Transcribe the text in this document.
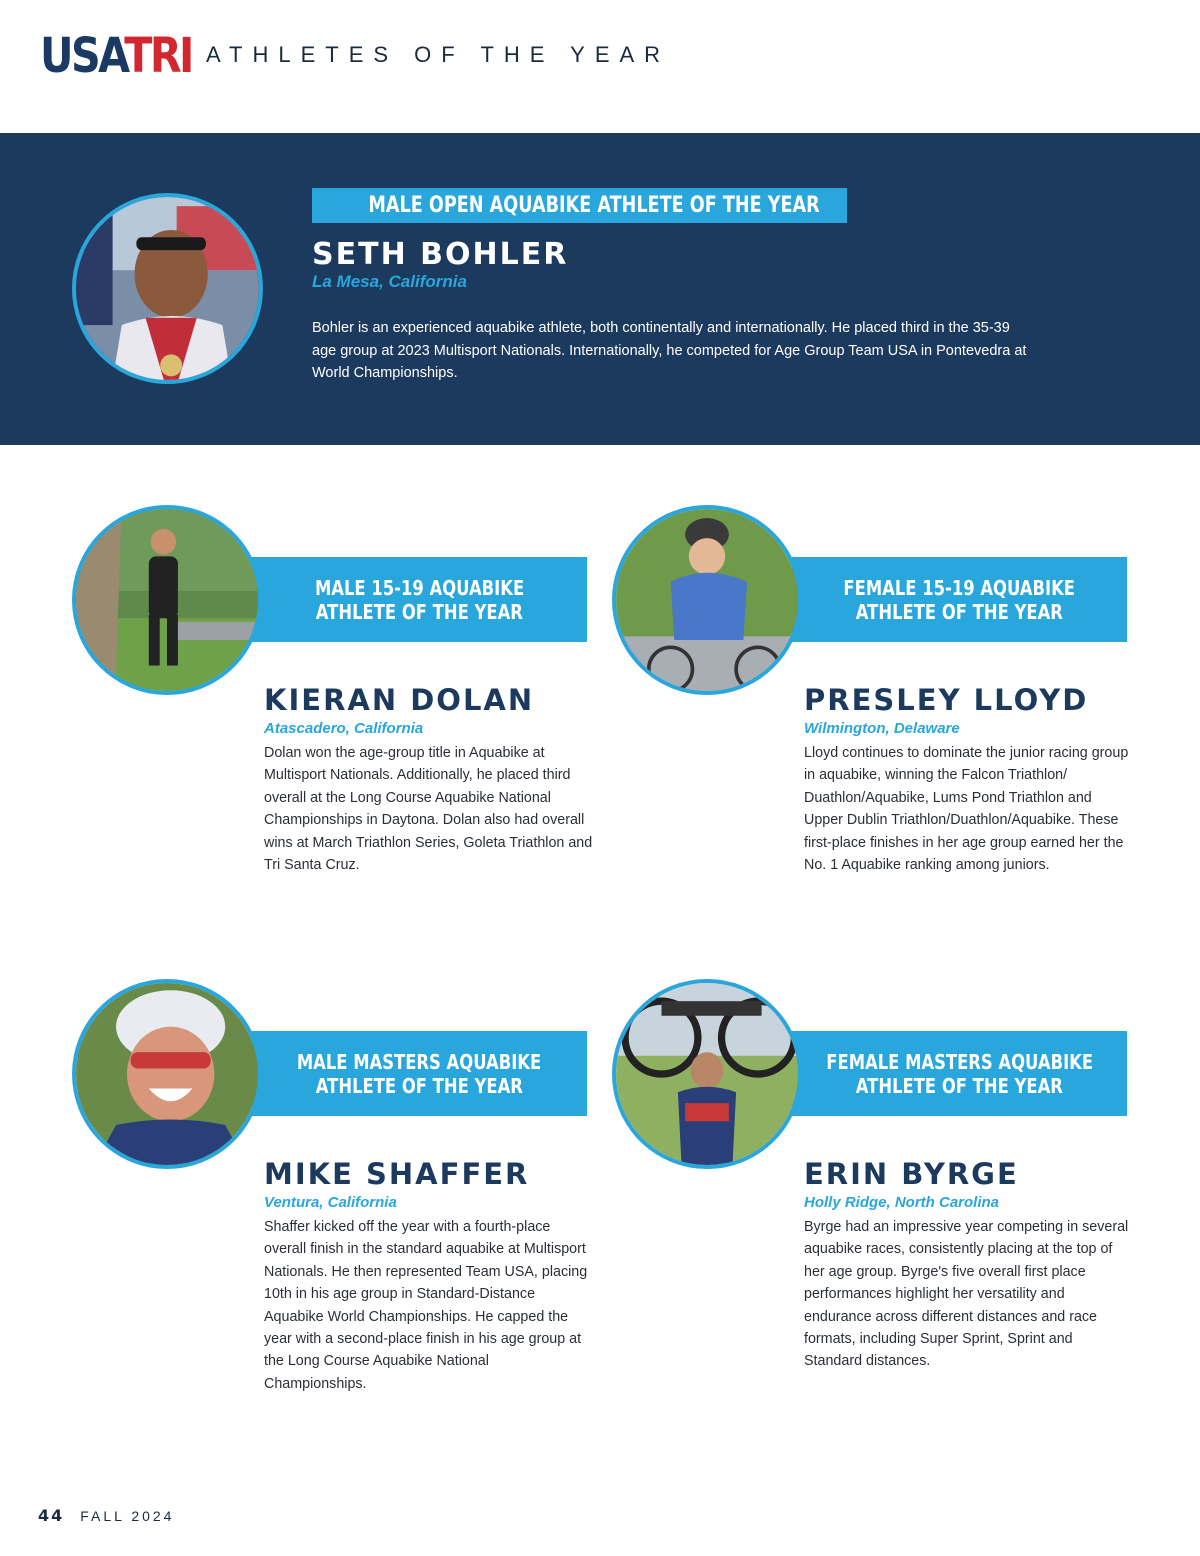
USATRI ATHLETES OF THE YEAR
MALE OPEN AQUABIKE ATHLETE OF THE YEAR
SETH BOHLER
La Mesa, California
Bohler is an experienced aquabike athlete, both continentally and internationally. He placed third in the 35-39 age group at 2023 Multisport Nationals. Internationally, he competed for Age Group Team USA in Pontevedra at World Championships.
MALE 15-19 AQUABIKE
ATHLETE OF THE YEAR
KIERAN DOLAN
Atascadero, California
Dolan won the age-group title in Aquabike at Multisport Nationals. Additionally, he placed third overall at the Long Course Aquabike National Championships in Daytona. Dolan also had overall wins at March Triathlon Series, Goleta Triathlon and Tri Santa Cruz.
FEMALE 15-19 AQUABIKE
ATHLETE OF THE YEAR
PRESLEY LLOYD
Wilmington, Delaware
Lloyd continues to dominate the junior racing group in aquabike, winning the Falcon Triathlon/ Duathlon/Aquabike, Lums Pond Triathlon and Upper Dublin Triathlon/Duathlon/Aquabike. These first-place finishes in her age group earned her the No. 1 Aquabike ranking among juniors.
MALE MASTERS AQUABIKE
ATHLETE OF THE YEAR
MIKE SHAFFER
Ventura, California
Shaffer kicked off the year with a fourth-place overall finish in the standard aquabike at Multisport Nationals. He then represented Team USA, placing 10th in his age group in Standard-Distance Aquabike World Championships. He capped the year with a second-place finish in his age group at the Long Course Aquabike National Championships.
FEMALE MASTERS AQUABIKE
ATHLETE OF THE YEAR
ERIN BYRGE
Holly Ridge, North Carolina
Byrge had an impressive year competing in several aquabike races, consistently placing at the top of her age group. Byrge's five overall first place performances highlight her versatility and endurance across different distances and race formats, including Super Sprint, Sprint and Standard distances.
44 FALL 2024
